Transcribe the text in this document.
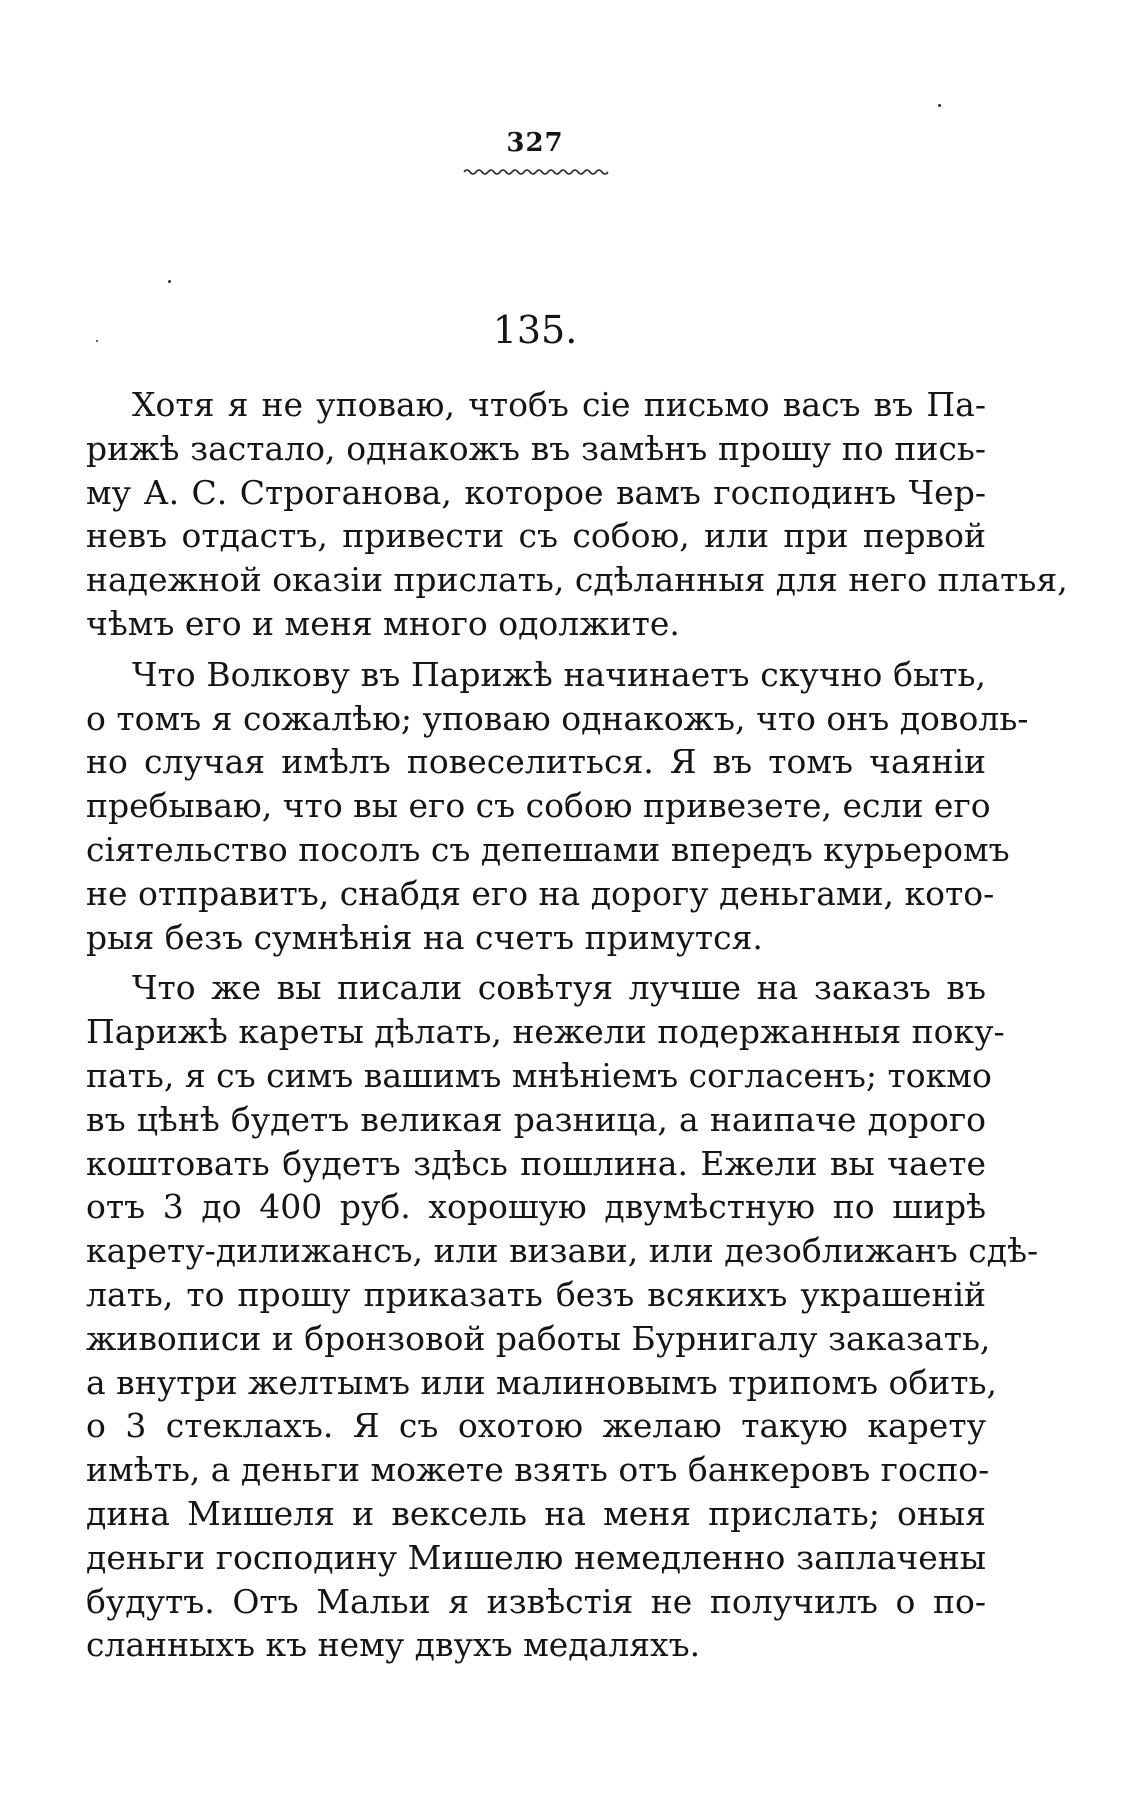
327
135.
Хотя я не уповаю, чтобъ сіе письмо васъ въ Па-
рижѣ застало, однакожъ въ замѣнъ прошу по пись-
му А. С. Строганова, которое вамъ господинъ Чер-
невъ отдастъ, привести съ собою, или при первой
надежной оказіи прислать, сдѣланныя для него платья,
чѣмъ его и меня много одолжите.
Что Волкову въ Парижѣ начинаетъ скучно быть,
о томъ я сожалѣю; уповаю однакожъ, что онъ доволь-
но случая имѣлъ повеселиться. Я въ томъ чаяніи
пребываю, что вы его съ собою привезете, если его
сіятельство посолъ съ депешами впередъ курьеромъ
не отправитъ, снабдя его на дорогу деньгами, кото-
рыя безъ сумнѣнія на счетъ примутся.
Что же вы писали совѣтуя лучше на заказъ въ
Парижѣ кареты дѣлать, нежели подержанныя поку-
пать, я съ симъ вашимъ мнѣніемъ согласенъ; токмо
въ цѣнѣ будетъ великая разница, а наипаче дорого
коштовать будетъ здѣсь пошлина. Ежели вы чаете
отъ 3 до 400 руб. хорошую двумѣстную по ширѣ
карету-дилижансъ, или визави, или дезоближанъ сдѣ-
лать, то прошу приказать безъ всякихъ украшеній
живописи и бронзовой работы Бурнигалу заказать,
а внутри желтымъ или малиновымъ трипомъ обить,
о 3 стеклахъ. Я съ охотою желаю такую карету
имѣть, а деньги можете взять отъ банкеровъ госпо-
дина Мишеля и вексель на меня прислать; оныя
деньги господину Мишелю немедленно заплачены
будутъ. Отъ Мальи я извѣстія не получилъ о по-
сланныхъ къ нему двухъ медаляхъ.
